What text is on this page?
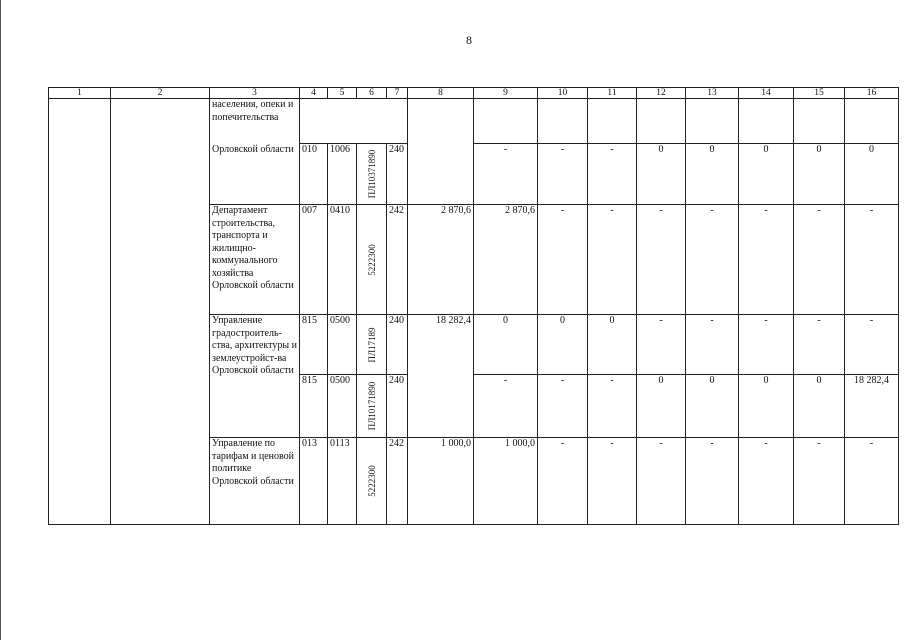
8
1	2	3	4	5	6	7	8	9	10	11	12	13	14	15	16
		населения, опеки и попечительства													
		Орловской области	010	1006	ПЛ10371890	240		-	-	-	0	0	0	0	0
		Департамент строительства, транспорта и жилищно-коммунального хозяйства Орловской области	007	0410	5222300	242	2 870,6	2 870,6	-	-	-	-	-	-	-
		Управление градостроитель-ства, архитектуры и землеустройст-ва Орловской области	815	0500	ПЛ17189	240	18 282,4	0	0	0	-	-	-	-	-
			815	0500	ПЛ10171890	240		-	-	-	0	0	0	0	18 282,4
		Управление по тарифам и ценовой политике Орловской области	013	0113	5222300	242	1 000,0	1 000,0	-	-	-	-	-	-	-
